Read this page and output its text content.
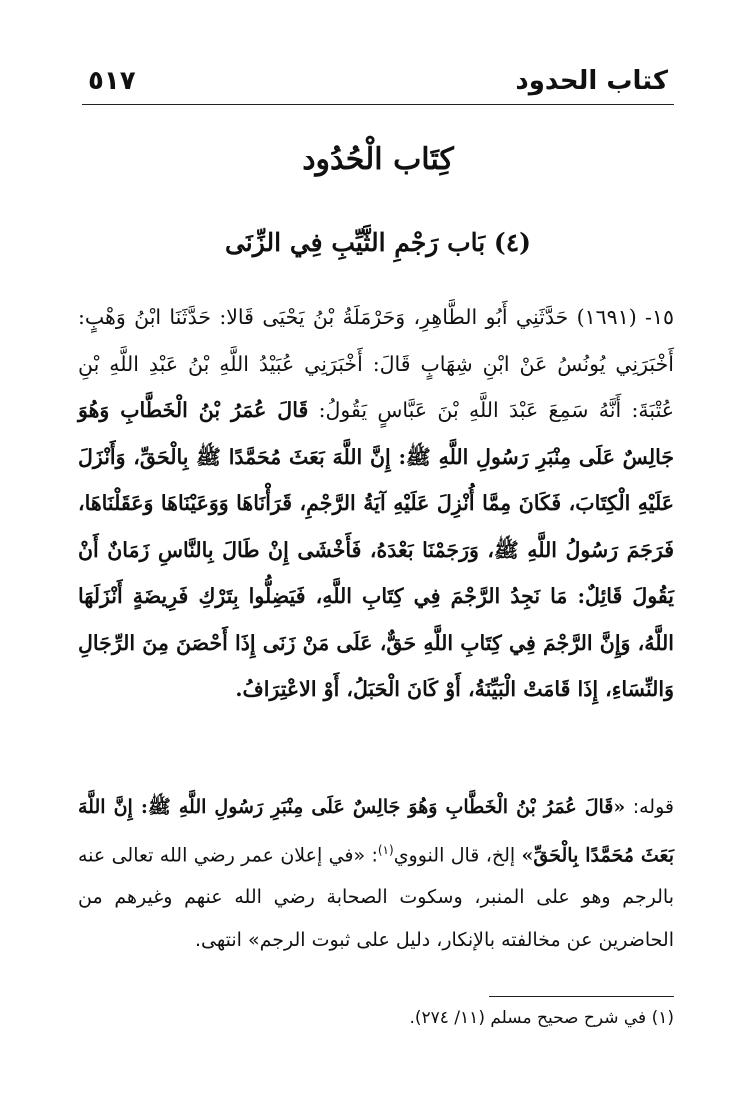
٥١٧	كتاب الحدود
كِتَاب الْحُدُود
(٤) بَاب رَجْمِ الثَّيِّبِ فِي الزِّنَى
١٥- (١٦٩١) حَدَّثَنِي أَبُو الطَّاهِرِ، وَحَرْمَلَةُ بْنُ يَحْيَى قَالا: حَدَّثَنَا ابْنُ وَهْبٍ: أَخْبَرَنِي يُونُسُ عَنْ ابْنِ شِهَابٍ قَالَ: أَخْبَرَنِي عُبَيْدُ اللَّهِ بْنُ عَبْدِ اللَّهِ بْنِ عُتْبَةَ: أَنَّهُ سَمِعَ عَبْدَ اللَّهِ بْنَ عَبَّاسٍ يَقُولُ: قَالَ عُمَرُ بْنُ الْخَطَّابِ وَهُوَ جَالِسٌ عَلَى مِنْبَرِ رَسُولِ اللَّهِ ﷺ: إِنَّ اللَّهَ بَعَثَ مُحَمَّدًا ﷺ بِالْحَقِّ، وَأَنْزَلَ عَلَيْهِ الْكِتَابَ، فَكَانَ مِمَّا أُنْزِلَ عَلَيْهِ آيَةُ الرَّجْمِ، قَرَأْنَاهَا وَوَعَيْنَاهَا وَعَقَلْنَاهَا، فَرَجَمَ رَسُولُ اللَّهِ ﷺ، وَرَجَمْنَا بَعْدَهُ، فَأَخْشَى إِنْ طَالَ بِالنَّاسِ زَمَانٌ أَنْ يَقُولَ قَائِلٌ: مَا نَجِدُ الرَّجْمَ فِي كِتَابِ اللَّهِ، فَيَضِلُّوا بِتَرْكِ فَرِيضَةٍ أَنْزَلَهَا اللَّهُ، وَإِنَّ الرَّجْمَ فِي كِتَابِ اللَّهِ حَقٌّ، عَلَى مَنْ زَنَى إِذَا أَحْصَنَ مِنَ الرِّجَالِ وَالنِّسَاءِ، إِذَا قَامَتْ الْبَيِّنَةُ، أَوْ كَانَ الْحَبَلُ، أَوْ الاعْتِرَافُ.
قوله: «قَالَ عُمَرُ بْنُ الْخَطَّابِ وَهُوَ جَالِسٌ عَلَى مِنْبَرِ رَسُولِ اللَّهِ ﷺ: إِنَّ اللَّهَ بَعَثَ مُحَمَّدًا بِالْحَقِّ» إلخ، قال النووي$^{(١)}$: «في إعلان عمر رضي الله تعالى عنه بالرجم وهو على المنبر، وسكوت الصحابة رضي الله عنهم وغيرهم من الحاضرين عن مخالفته بالإنكار، دليل على ثبوت الرجم» انتهى.
(١) في شرح صحيح مسلم (١١/ ٢٧٤).
